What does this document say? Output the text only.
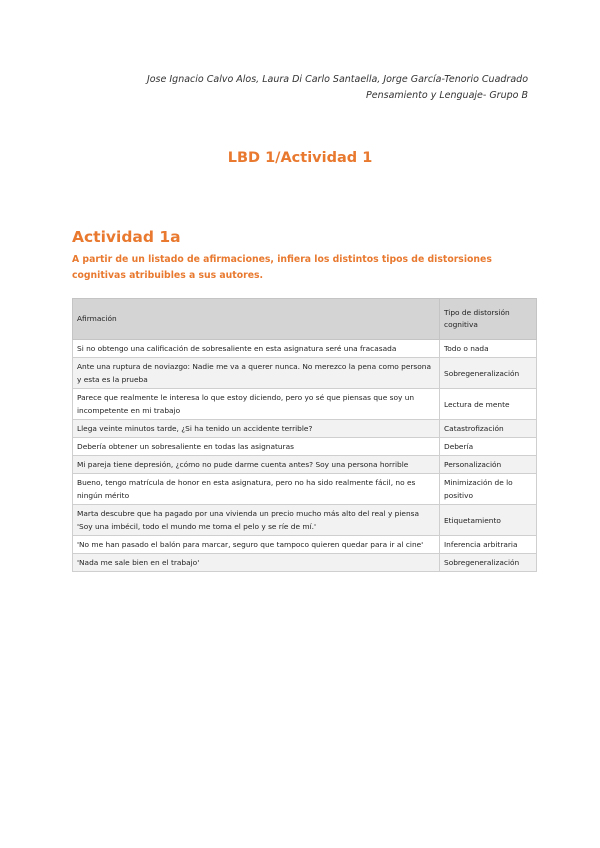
Jose Ignacio Calvo Alos, Laura Di Carlo Santaella, Jorge García-Tenorio Cuadrado
Pensamiento y Lenguaje- Grupo B
LBD 1/Actividad 1
Actividad 1a
A partir de un listado de afirmaciones, infiera los distintos tipos de distorsiones cognitivas atribuibles a sus autores.
Afirmación	Tipo de distorsión cognitiva
Si no obtengo una calificación de sobresaliente en esta asignatura seré una fracasada	Todo o nada
Ante una ruptura de noviazgo: Nadie me va a querer nunca. No merezco la pena como persona y esta es la prueba	Sobregeneralización
Parece que realmente le interesa lo que estoy diciendo, pero yo sé que piensas que soy un incompetente en mi trabajo	Lectura de mente
Llega veinte minutos tarde, ¿Si ha tenido un accidente terrible?	Catastrofización
Debería obtener un sobresaliente en todas las asignaturas	Debería
Mi pareja tiene depresión, ¿cómo no pude darme cuenta antes? Soy una persona horrible	Personalización
Bueno, tengo matrícula de honor en esta asignatura, pero no ha sido realmente fácil, no es ningún mérito	Minimización de lo positivo
Marta descubre que ha pagado por una vivienda un precio mucho más alto del real y piensa 'Soy una imbécil, todo el mundo me toma el pelo y se ríe de mí.'	Etiquetamiento
'No me han pasado el balón para marcar, seguro que tampoco quieren quedar para ir al cine'	Inferencia arbitraria
'Nada me sale bien en el trabajo'	Sobregeneralización
